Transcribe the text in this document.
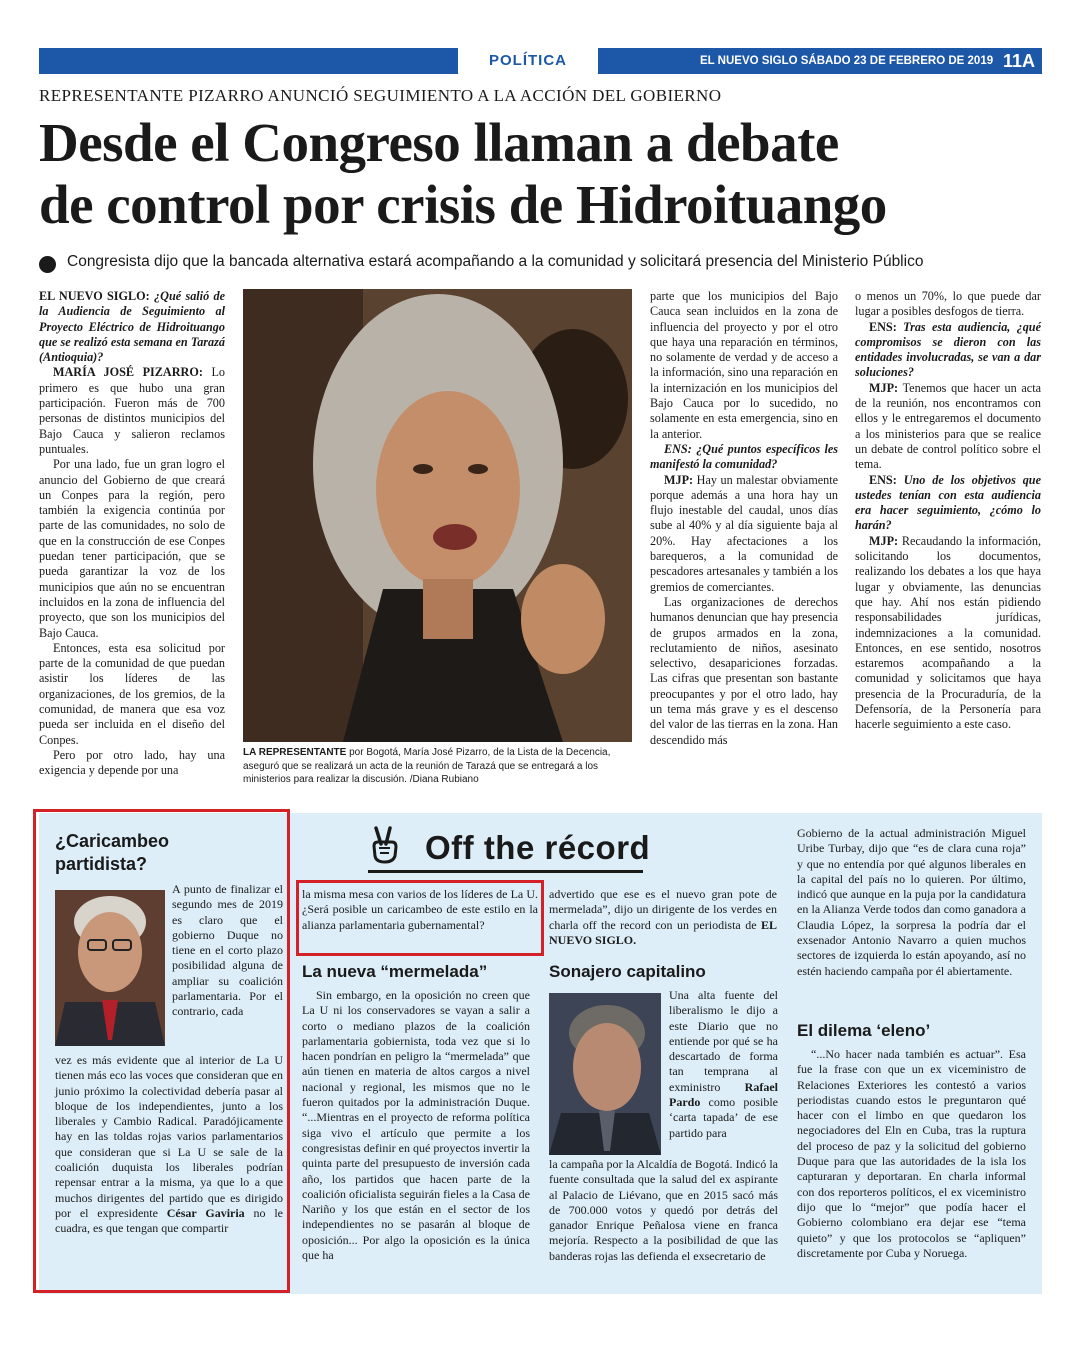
POLÍTICA	EL NUEVO SIGLO SÁBADO 23 DE FEBRERO DE 2019 11A
REPRESENTANTE PIZARRO ANUNCIÓ SEGUIMIENTO A LA ACCIÓN DEL GOBIERNO
Desde el Congreso llaman a debate
de control por crisis de Hidroituango
Congresista dijo que la bancada alternativa estará acompañando a la comunidad y solicitará presencia del Ministerio Público

EL NUEVO SIGLO: ¿Qué salió de la Audiencia de Seguimiento al Proyecto Eléctrico de Hidroituango que se realizó esta semana en Tarazá (Antioquia)?

MARÍA JOSÉ PIZARRO: Lo primero es que hubo una gran participación. Fueron más de 700 personas de distintos municipios del Bajo Cauca y salieron reclamos puntuales.

Por una lado, fue un gran logro el anuncio del Gobierno de que creará un Conpes para la región, pero también la exigencia continúa por parte de las comunidades, no solo de que en la construcción de ese Conpes puedan tener participación, que se pueda garantizar la voz de los municipios que aún no se encuentran incluidos en la zona de influencia del proyecto, que son los municipios del Bajo Cauca.

Entonces, esta esa solicitud por parte de la comunidad de que puedan asistir los líderes de las organizaciones, de los gremios, de la comunidad, de manera que esa voz pueda ser incluida en el diseño del Conpes.

Pero por otro lado, hay una exigencia y depende por una

LA REPRESENTANTE por Bogotá, María José Pizarro, de la Lista de la Decencia, aseguró que se realizará un acta de la reunión de Tarazá que se entregará a los ministerios para realizar la discusión. /Diana Rubiano

parte que los municipios del Bajo Cauca sean incluidos en la zona de influencia del proyecto y por el otro que haya una reparación en términos, no solamente de verdad y de acceso a la información, sino una reparación en la internización en los municipios del Bajo Cauca por lo sucedido, no solamente en esta emergencia, sino en la anterior.

ENS: ¿Qué puntos específicos les manifestó la comunidad?

MJP: Hay un malestar obviamente porque además a una hora hay un flujo inestable del caudal, unos días sube al 40% y al día siguiente baja al 20%. Hay afectaciones a los barequeros, a la comunidad de pescadores artesanales y también a los gremios de comerciantes.

Las organizaciones de derechos humanos denuncian que hay presencia de grupos armados en la zona, reclutamiento de niños, asesinato selectivo, desapariciones forzadas. Las cifras que presentan son bastante preocupantes y por el otro lado, hay un tema más grave y es el descenso del valor de las tierras en la zona. Han descendido más

o menos un 70%, lo que puede dar lugar a posibles desfogos de tierra.

ENS: Tras esta audiencia, ¿qué compromisos se dieron con las entidades involucradas, se van a dar soluciones?

MJP: Tenemos que hacer un acta de la reunión, nos encontramos con ellos y le entregaremos el documento a los ministerios para que se realice un debate de control político sobre el tema.

ENS: Uno de los objetivos que ustedes tenían con esta audiencia era hacer seguimiento, ¿cómo lo harán?

MJP: Recaudando la información, solicitando los documentos, realizando los debates a los que haya lugar y obviamente, las denuncias que hay. Ahí nos están pidiendo responsabilidades jurídicas, indemnizaciones a la comunidad. Entonces, en ese sentido, nosotros estaremos acompañando a la comunidad y solicitamos que haya presencia de la Procuraduría, de la Defensoría, de la Personería para hacerle seguimiento a este caso.

Off the récord
¿Caricambeo
partidista?
A punto de finalizar el segundo mes de 2019 es claro que el gobierno Duque no tiene en el corto plazo posibilidad alguna de ampliar su coalición parlamentaria. Por el contrario, cada
vez es más evidente que al interior de La U tienen más eco las voces que consideran que en junio próximo la colectividad debería pasar al bloque de los independientes, junto a los liberales y Cambio Radical. Paradójicamente hay en las toldas rojas varios parlamentarios que consideran que si La U se sale de la coalición duquista los liberales podrían repensar entrar a la misma, ya que lo a que muchos dirigentes del partido que es dirigido por el expresidente César Gaviria no le cuadra, es que tengan que compartir
la misma mesa con varios de los líderes de La U. ¿Será posible un caricambeo de este estilo en la alianza parlamentaria gubernamental?
La nueva “mermelada”
Sin embargo, en la oposición no creen que La U ni los conservadores se vayan a salir a corto o mediano plazos de la coalición parlamentaria gobiernista, toda vez que si lo hacen pondrían en peligro la “mermelada” que aún tienen en materia de altos cargos a nivel nacional y regional, les mismos que no le fueron quitados por la administración Duque. “...Mientras en el proyecto de reforma política siga vivo el artículo que permite a los congresistas definir en qué proyectos invertir la quinta parte del presupuesto de inversión cada año, los partidos que hacen parte de la coalición oficialista seguirán fieles a la Casa de Nariño y los que están en el sector de los independientes no se pasarán al bloque de oposición... Por algo la oposición es la única que ha
advertido que ese es el nuevo gran pote de mermelada”, dijo un dirigente de los verdes en charla off the record con un periodista de EL NUEVO SIGLO.
Sonajero capitalino
Una alta fuente del liberalismo le dijo a este Diario que no entiende por qué se ha descartado de forma tan temprana al exministro Rafael Pardo como posible ‘carta tapada’ de ese partido para
la campaña por la Alcaldía de Bogotá. Indicó la fuente consultada que la salud del ex aspirante al Palacio de Liévano, que en 2015 sacó más de 700.000 votos y quedó por detrás del ganador Enrique Peñalosa viene en franca mejoría. Respecto a la posibilidad de que las banderas rojas las defienda el exsecretario de
Gobierno de la actual administración Miguel Uribe Turbay, dijo que “es de clara cuna roja” y que no entendía por qué algunos liberales en la capital del país no lo quieren. Por último, indicó que aunque en la puja por la candidatura en la Alianza Verde todos dan como ganadora a Claudia López, la sorpresa la podría dar el exsenador Antonio Navarro a quien muchos sectores de izquierda lo están apoyando, así no estén haciendo campaña por él abiertamente.
El dilema ‘eleno’
“...No hacer nada también es actuar”. Esa fue la frase con que un ex viceministro de Relaciones Exteriores les contestó a varios periodistas cuando estos le preguntaron qué hacer con el limbo en que quedaron los negociadores del Eln en Cuba, tras la ruptura del proceso de paz y la solicitud del gobierno Duque para que las autoridades de la isla los capturaran y deportaran. En charla informal con dos reporteros políticos, el ex viceministro dijo que lo “mejor” que podía hacer el Gobierno colombiano era dejar ese “tema quieto” y que los protocolos se “apliquen” discretamente por Cuba y Noruega.
